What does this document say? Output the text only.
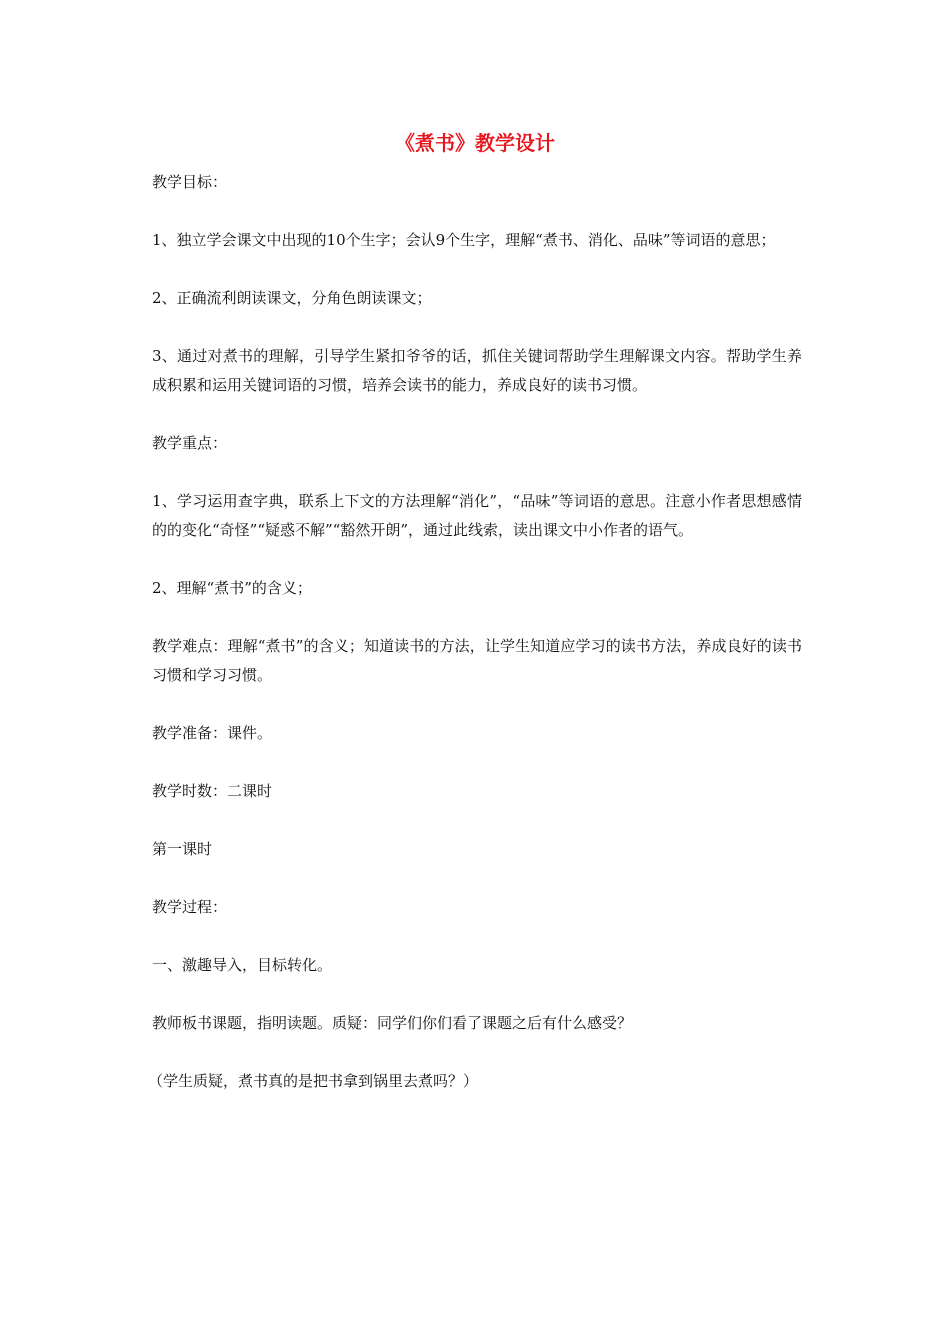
《煮书》教学设计

教学目标：

1、独立学会课文中出现的10个生字；会认9个生字，理解“煮书、消化、品味”等词语的意思；

2、正确流利朗读课文，分角色朗读课文；

3、通过对煮书的理解，引导学生紧扣爷爷的话，抓住关键词帮助学生理解课文内容。帮助学生养成积累和运用关键词语的习惯，培养会读书的能力，养成良好的读书习惯。

教学重点：

1、学习运用查字典，联系上下文的方法理解“消化”，“品味”等词语的意思。注意小作者思想感情的的变化“奇怪”“疑惑不解”“豁然开朗”，通过此线索，读出课文中小作者的语气。

2、理解“煮书”的含义；

教学难点：理解“煮书”的含义；知道读书的方法，让学生知道应学习的读书方法，养成良好的读书习惯和学习习惯。

教学准备：课件。

教学时数：二课时

第一课时

教学过程：

一、激趣导入，目标转化。

教师板书课题，指明读题。质疑：同学们你们看了课题之后有什么感受？

（学生质疑，煮书真的是把书拿到锅里去煮吗？）
